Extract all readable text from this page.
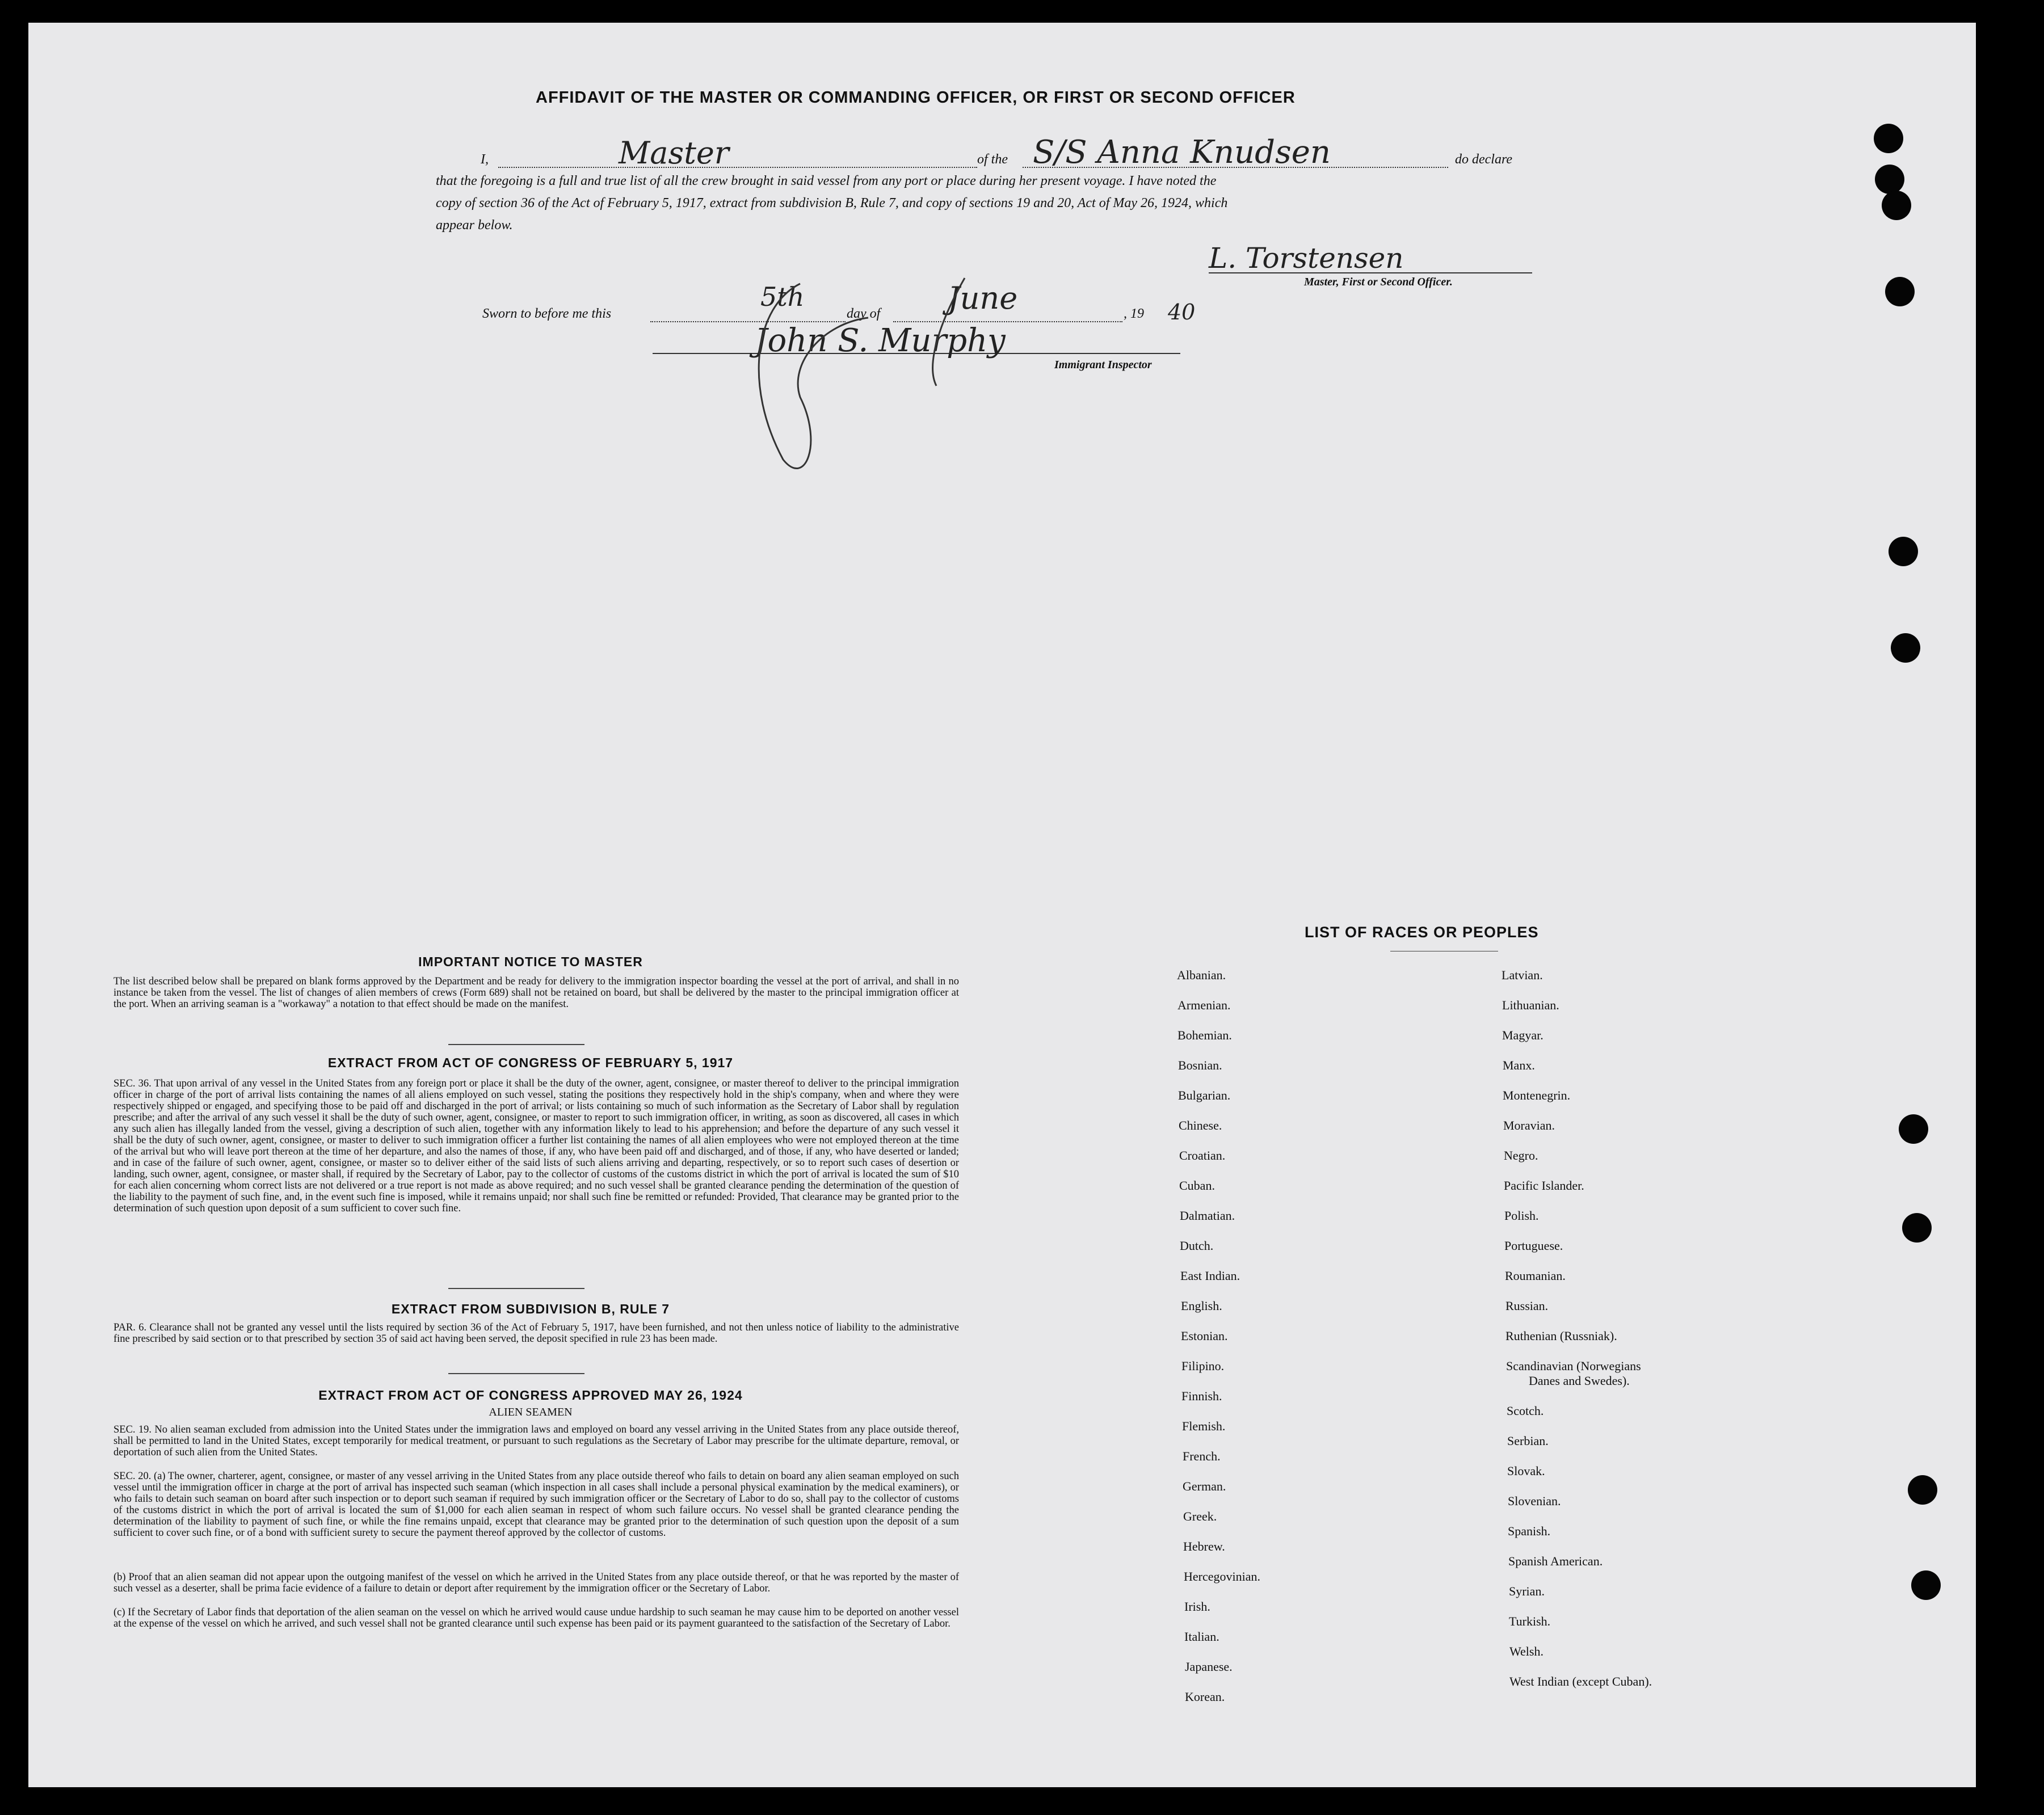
AFFIDAVIT OF THE MASTER OR COMMANDING OFFICER, OR FIRST OR SECOND OFFICER
I,	Master	of the S/S Anna Knudsen	do declare
that the foregoing is a full and true list of all the crew brought in said vessel from any port or place during her present voyage. I have noted the
copy of section 36 of the Act of February 5, 1917, extract from subdivision B, Rule 7, and copy of sections 19 and 20, Act of May 26, 1924, which
appear below.
L. Torstensen
Master, First or Second Officer.
Sworn to before me this
5th
day of June	, 19 40
John S. Murphy
Immigrant Inspector
IMPORTANT NOTICE TO MASTER
The list described below shall be prepared on blank forms approved by the Department and be ready for delivery to the immigration inspector boarding the vessel at the port of arrival, and shall in no instance be taken from the vessel. The list of changes of alien members of crews (Form 689) shall not be retained on board, but shall be delivered by the master to the principal immigration officer at the port. When an arriving seaman is a "workaway" a notation to that effect should be made on the manifest.
EXTRACT FROM ACT OF CONGRESS OF FEBRUARY 5, 1917
SEC. 36. That upon arrival of any vessel in the United States from any foreign port or place it shall be the duty of the owner, agent, consignee, or master thereof to deliver to the principal immigration officer in charge of the port of arrival lists containing the names of all aliens employed on such vessel, stating the positions they respectively hold in the ship's company, when and where they were respectively shipped or engaged, and specifying those to be paid off and discharged in the port of arrival; or lists containing so much of such information as the Secretary of Labor shall by regulation prescribe; and after the arrival of any such vessel it shall be the duty of such owner, agent, consignee, or master to report to such immigration officer, in writing, as soon as discovered, all cases in which any such alien has illegally landed from the vessel, giving a description of such alien, together with any information likely to lead to his apprehension; and before the departure of any such vessel it shall be the duty of such owner, agent, consignee, or master to deliver to such immigration officer a further list containing the names of all alien employees who were not employed thereon at the time of the arrival but who will leave port thereon at the time of her departure, and also the names of those, if any, who have been paid off and discharged, and of those, if any, who have deserted or landed; and in case of the failure of such owner, agent, consignee, or master so to deliver either of the said lists of such aliens arriving and departing, respectively, or so to report such cases of desertion or landing, such owner, agent, consignee, or master shall, if required by the Secretary of Labor, pay to the collector of customs of the customs district in which the port of arrival is located the sum of $10 for each alien concerning whom correct lists are not delivered or a true report is not made as above required; and no such vessel shall be granted clearance pending the determination of the question of the liability to the payment of such fine, and, in the event such fine is imposed, while it remains unpaid; nor shall such fine be remitted or refunded: Provided, That clearance may be granted prior to the determination of such question upon deposit of a sum sufficient to cover such fine.
EXTRACT FROM SUBDIVISION B, RULE 7
PAR. 6. Clearance shall not be granted any vessel until the lists required by section 36 of the Act of February 5, 1917, have been furnished, and not then unless notice of liability to the administrative fine prescribed by said section or to that prescribed by section 35 of said act having been served, the deposit specified in rule 23 has been made.
EXTRACT FROM ACT OF CONGRESS APPROVED MAY 26, 1924
ALIEN SEAMEN
SEC. 19. No alien seaman excluded from admission into the United States under the immigration laws and employed on board any vessel arriving in the United States from any place outside thereof, shall be permitted to land in the United States, except temporarily for medical treatment, or pursuant to such regulations as the Secretary of Labor may prescribe for the ultimate departure, removal, or deportation of such alien from the United States.
SEC. 20. (a) The owner, charterer, agent, consignee, or master of any vessel arriving in the United States from any place outside thereof who fails to detain on board any alien seaman employed on such vessel until the immigration officer in charge at the port of arrival has inspected such seaman (which inspection in all cases shall include a personal physical examination by the medical examiners), or who fails to detain such seaman on board after such inspection or to deport such seaman if required by such immigration officer or the Secretary of Labor to do so, shall pay to the collector of customs of the customs district in which the port of arrival is located the sum of $1,000 for each alien seaman in respect of whom such failure occurs. No vessel shall be granted clearance pending the determination of the liability to payment of such fine, or while the fine remains unpaid, except that clearance may be granted prior to the determination of such question upon the deposit of a sum sufficient to cover such fine, or of a bond with sufficient surety to secure the payment thereof approved by the collector of customs.
(b) Proof that an alien seaman did not appear upon the outgoing manifest of the vessel on which he arrived in the United States from any place outside thereof, or that he was reported by the master of such vessel as a deserter, shall be prima facie evidence of a failure to detain or deport after requirement by the immigration officer or the Secretary of Labor.
(c) If the Secretary of Labor finds that deportation of the alien seaman on the vessel on which he arrived would cause undue hardship to such seaman he may cause him to be deported on another vessel at the expense of the vessel on which he arrived, and such vessel shall not be granted clearance until such expense has been paid or its payment guaranteed to the satisfaction of the Secretary of Labor.
LIST OF RACES OR PEOPLES
Albanian.
Armenian.
Bohemian.
Bosnian.
Bulgarian.
Chinese.
Croatian.
Cuban.
Dalmatian.
Dutch.
East Indian.
English.
Estonian.
Filipino.
Finnish.
Flemish.
French.
German.
Greek.
Hebrew.
Hercegovinian.
Irish.
Italian.
Japanese.
Korean.
Latvian.
Lithuanian.
Magyar.
Manx.
Montenegrin.
Moravian.
Negro.
Pacific Islander.
Polish.
Portuguese.
Roumanian.
Russian.
Ruthenian (Russniak).
Scandinavian (Norwegians
Danes and Swedes).
Scotch.
Serbian.
Slovak.
Slovenian.
Spanish.
Spanish American.
Syrian.
Turkish.
Welsh.
West Indian (except Cuban).
